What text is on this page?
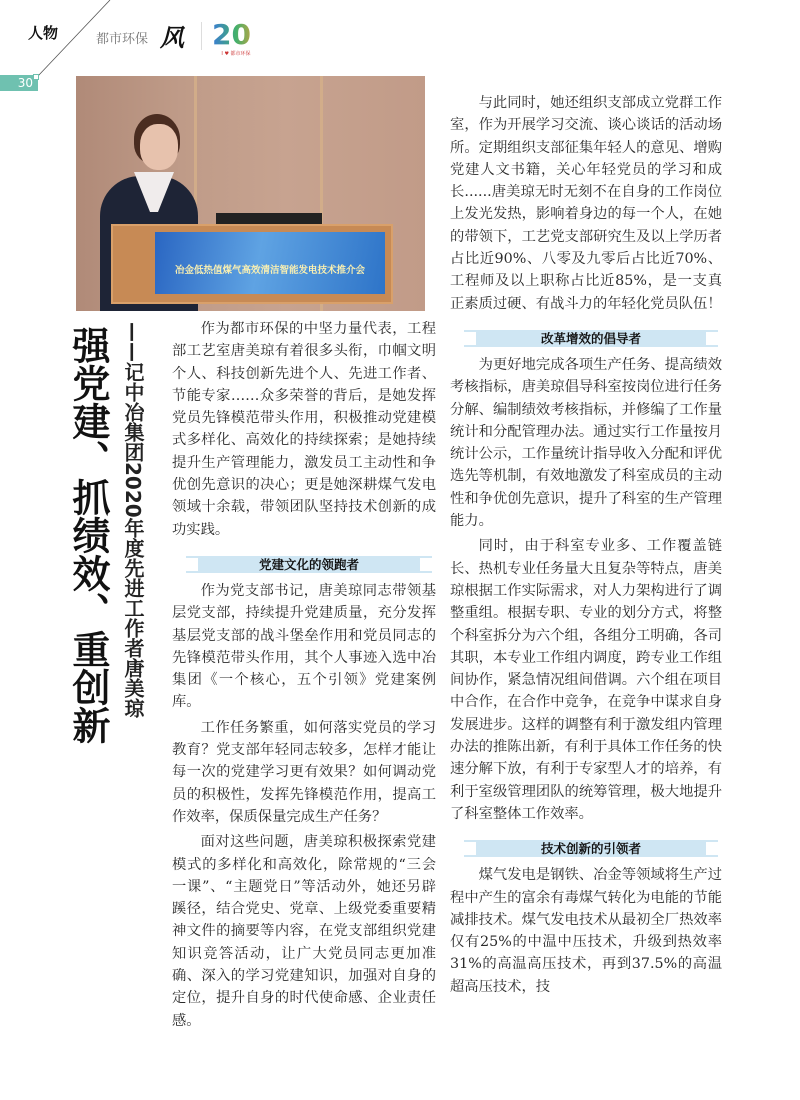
人物
30
都市环保 风 20
I ♥ 都市环保
冶金低热值煤气高效清洁智能发电技术推介会
强党建、抓绩效、重创新 ——记中冶集团2020年度先进工作者唐美琼	作为都市环保的中坚力量代表，工程部工艺室唐美琼有着很多头衔，巾帼文明个人、科技创新先进个人、先进工作者、节能专家……众多荣誉的背后，是她发挥党员先锋模范带头作用，积极推动党建模式多样化、高效化的持续探索；是她持续提升生产管理能力，激发员工主动性和争优创先意识的决心；更是她深耕煤气发电领域十余载，带领团队坚持技术创新的成功实践。

党建文化的领跑者

作为党支部书记，唐美琼同志带领基层党支部，持续提升党建质量，充分发挥基层党支部的战斗堡垒作用和党员同志的先锋模范带头作用，其个人事迹入选中冶集团《一个核心，五个引领》党建案例库。

工作任务繁重，如何落实党员的学习教育？党支部年轻同志较多，怎样才能让每一次的党建学习更有效果？如何调动党员的积极性，发挥先锋模范作用，提高工作效率，保质保量完成生产任务？

面对这些问题，唐美琼积极探索党建模式的多样化和高效化，除常规的“三会一课”、“主题党日”等活动外，她还另辟蹊径，结合党史、党章、上级党委重要精神文件的摘要等内容，在党支部组织党建知识竞答活动，让广大党员同志更加准确、深入的学习党建知识，加强对自身的定位，提升自身的时代使命感、企业责任感。

与此同时，她还组织支部成立党群工作室，作为开展学习交流、谈心谈话的活动场所。定期组织支部征集年轻人的意见、增购党建人文书籍，关心年轻党员的学习和成长......唐美琼无时无刻不在自身的工作岗位上发光发热，影响着身边的每一个人，在她的带领下，工艺党支部研究生及以上学历者占比近90%、八零及九零后占比近70%、工程师及以上职称占比近85%，是一支真正素质过硬、有战斗力的年轻化党员队伍！

改革增效的倡导者

为更好地完成各项生产任务、提高绩效考核指标，唐美琼倡导科室按岗位进行任务分解、编制绩效考核指标，并修编了工作量统计和分配管理办法。通过实行工作量按月统计公示，工作量统计指导收入分配和评优选先等机制，有效地激发了科室成员的主动性和争优创先意识，提升了科室的生产管理能力。

同时，由于科室专业多、工作覆盖链长、热机专业任务量大且复杂等特点，唐美琼根据工作实际需求，对人力架构进行了调整重组。根据专职、专业的划分方式，将整个科室拆分为六个组，各组分工明确，各司其职，本专业工作组内调度，跨专业工作组间协作，紧急情况组间借调。六个组在项目中合作，在合作中竞争，在竞争中谋求自身发展进步。这样的调整有利于激发组内管理办法的推陈出新，有利于具体工作任务的快速分解下放，有利于专家型人才的培养，有利于室级管理团队的统筹管理，极大地提升了科室整体工作效率。

技术创新的引领者

煤气发电是钢铁、冶金等领域将生产过程中产生的富余有毒煤气转化为电能的节能减排技术。煤气发电技术从最初全厂热效率仅有25%的中温中压技术，升级到热效率31%的高温高压技术，再到37.5%的高温超高压技术，技
